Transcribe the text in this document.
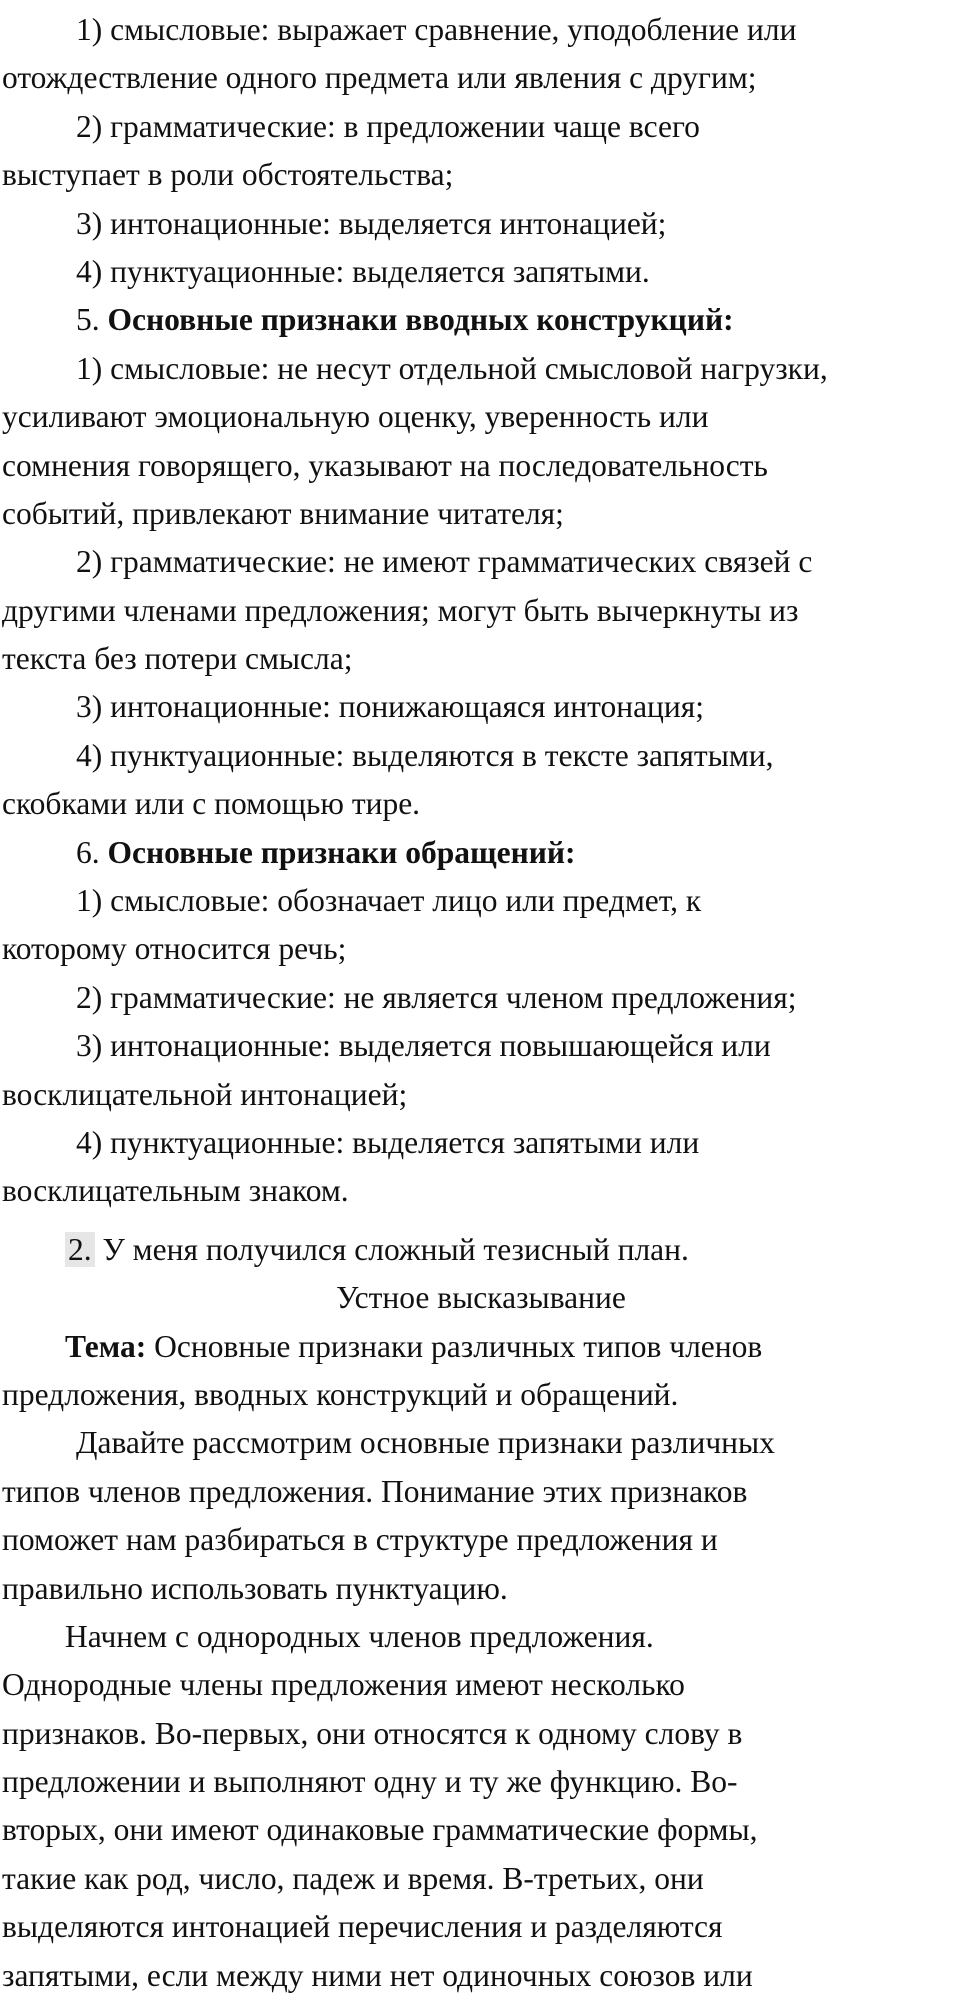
1) смысловые: выражает сравнение, уподобление или
отождествление одного предмета или явления с другим;
2) грамматические: в предложении чаще всего
выступает в роли обстоятельства;
3) интонационные: выделяется интонацией;
4) пунктуационные: выделяется запятыми.
5. Основные признаки вводных конструкций:
1) смысловые: не несут отдельной смысловой нагрузки,
усиливают эмоциональную оценку, уверенность или
сомнения говорящего, указывают на последовательность
событий, привлекают внимание читателя;
2) грамматические: не имеют грамматических связей с
другими членами предложения; могут быть вычеркнуты из
текста без потери смысла;
3) интонационные: понижающаяся интонация;
4) пунктуационные: выделяются в тексте запятыми,
скобками или с помощью тире.
6. Основные признаки обращений:
1) смысловые: обозначает лицо или предмет, к
которому относится речь;
2) грамматические: не является членом предложения;
3) интонационные: выделяется повышающейся или
восклицательной интонацией;
4) пунктуационные: выделяется запятыми или
восклицательным знаком.
2. У меня получился сложный тезисный план.
Устное высказывание
Тема: Основные признаки различных типов членов
предложения, вводных конструкций и обращений.
Давайте рассмотрим основные признаки различных
типов членов предложения. Понимание этих признаков
поможет нам разбираться в структуре предложения и
правильно использовать пунктуацию.
Начнем с однородных членов предложения.
Однородные члены предложения имеют несколько
признаков. Во-первых, они относятся к одному слову в
предложении и выполняют одну и ту же функцию. Во-
вторых, они имеют одинаковые грамматические формы,
такие как род, число, падеж и время. В-третьих, они
выделяются интонацией перечисления и разделяются
запятыми, если между ними нет одиночных союзов или
